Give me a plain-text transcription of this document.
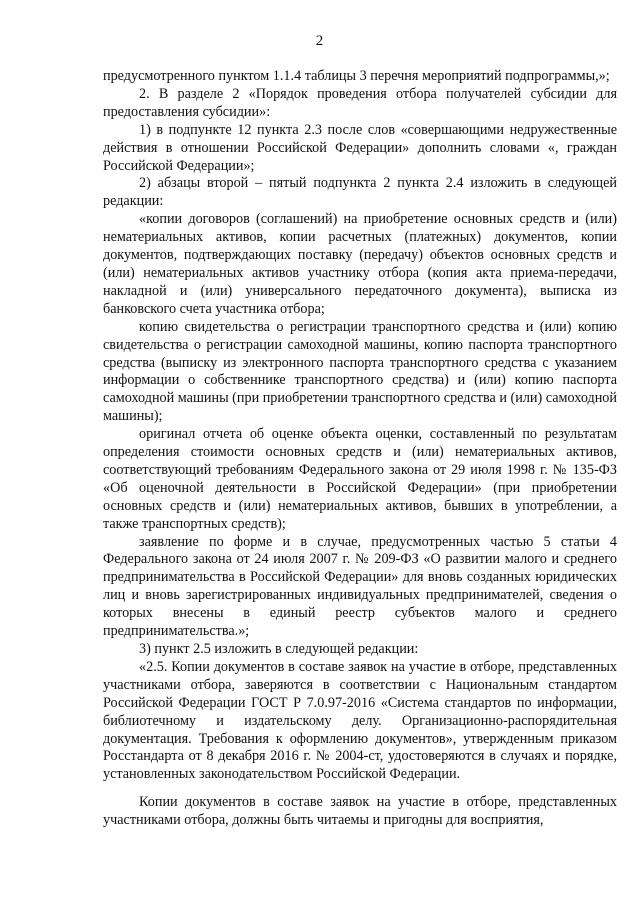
2

предусмотренного пунктом 1.1.4 таблицы 3 перечня мероприятий подпрограммы,»;

2. В разделе 2 «Порядок проведения отбора получателей субсидии для предоставления субсидии»:

1) в подпункте 12 пункта 2.3 после слов «совершающими недружественные действия в отношении Российской Федерации» дополнить словами «, граждан Российской Федерации»;

2) абзацы второй – пятый подпункта 2 пункта 2.4 изложить в следующей редакции:

«копии договоров (соглашений) на приобретение основных средств и (или) нематериальных активов, копии расчетных (платежных) документов, копии документов, подтверждающих поставку (передачу) объектов основных средств и (или) нематериальных активов участнику отбора (копия акта приема-передачи, накладной и (или) универсального передаточного документа), выписка из банковского счета участника отбора;

копию свидетельства о регистрации транспортного средства и (или) копию свидетельства о регистрации самоходной машины, копию паспорта транспортного средства (выписку из электронного паспорта транспортного средства с указанием информации о собственнике транспортного средства) и (или) копию паспорта самоходной машины (при приобретении транспортного средства и (или) самоходной машины);

оригинал отчета об оценке объекта оценки, составленный по результатам определения стоимости основных средств и (или) нематериальных активов, соответствующий требованиям Федерального закона от 29 июля 1998 г. № 135-ФЗ «Об оценочной деятельности в Российской Федерации» (при приобретении основных средств и (или) нематериальных активов, бывших в употреблении, а также транспортных средств);

заявление по форме и в случае, предусмотренных частью 5 статьи 4 Федерального закона от 24 июля 2007 г. № 209-ФЗ «О развитии малого и среднего предпринимательства в Российской Федерации» для вновь созданных юридических лиц и вновь зарегистрированных индивидуальных предпринимателей, сведения о которых внесены в единый реестр субъектов малого и среднего предпринимательства.»;

3) пункт 2.5 изложить в следующей редакции:

«2.5. Копии документов в составе заявок на участие в отборе, представленных участниками отбора, заверяются в соответствии с Национальным стандартом Российской Федерации ГОСТ Р 7.0.97-2016 «Система стандартов по информации, библиотечному и издательскому делу. Организационно-распорядительная документация. Требования к оформлению документов», утвержденным приказом Росстандарта от 8 декабря 2016 г. № 2004-ст, удостоверяются в случаях и порядке, установленных законодательством Российской Федерации.

Копии документов в составе заявок на участие в отборе, представленных участниками отбора, должны быть читаемы и пригодны для восприятия,
